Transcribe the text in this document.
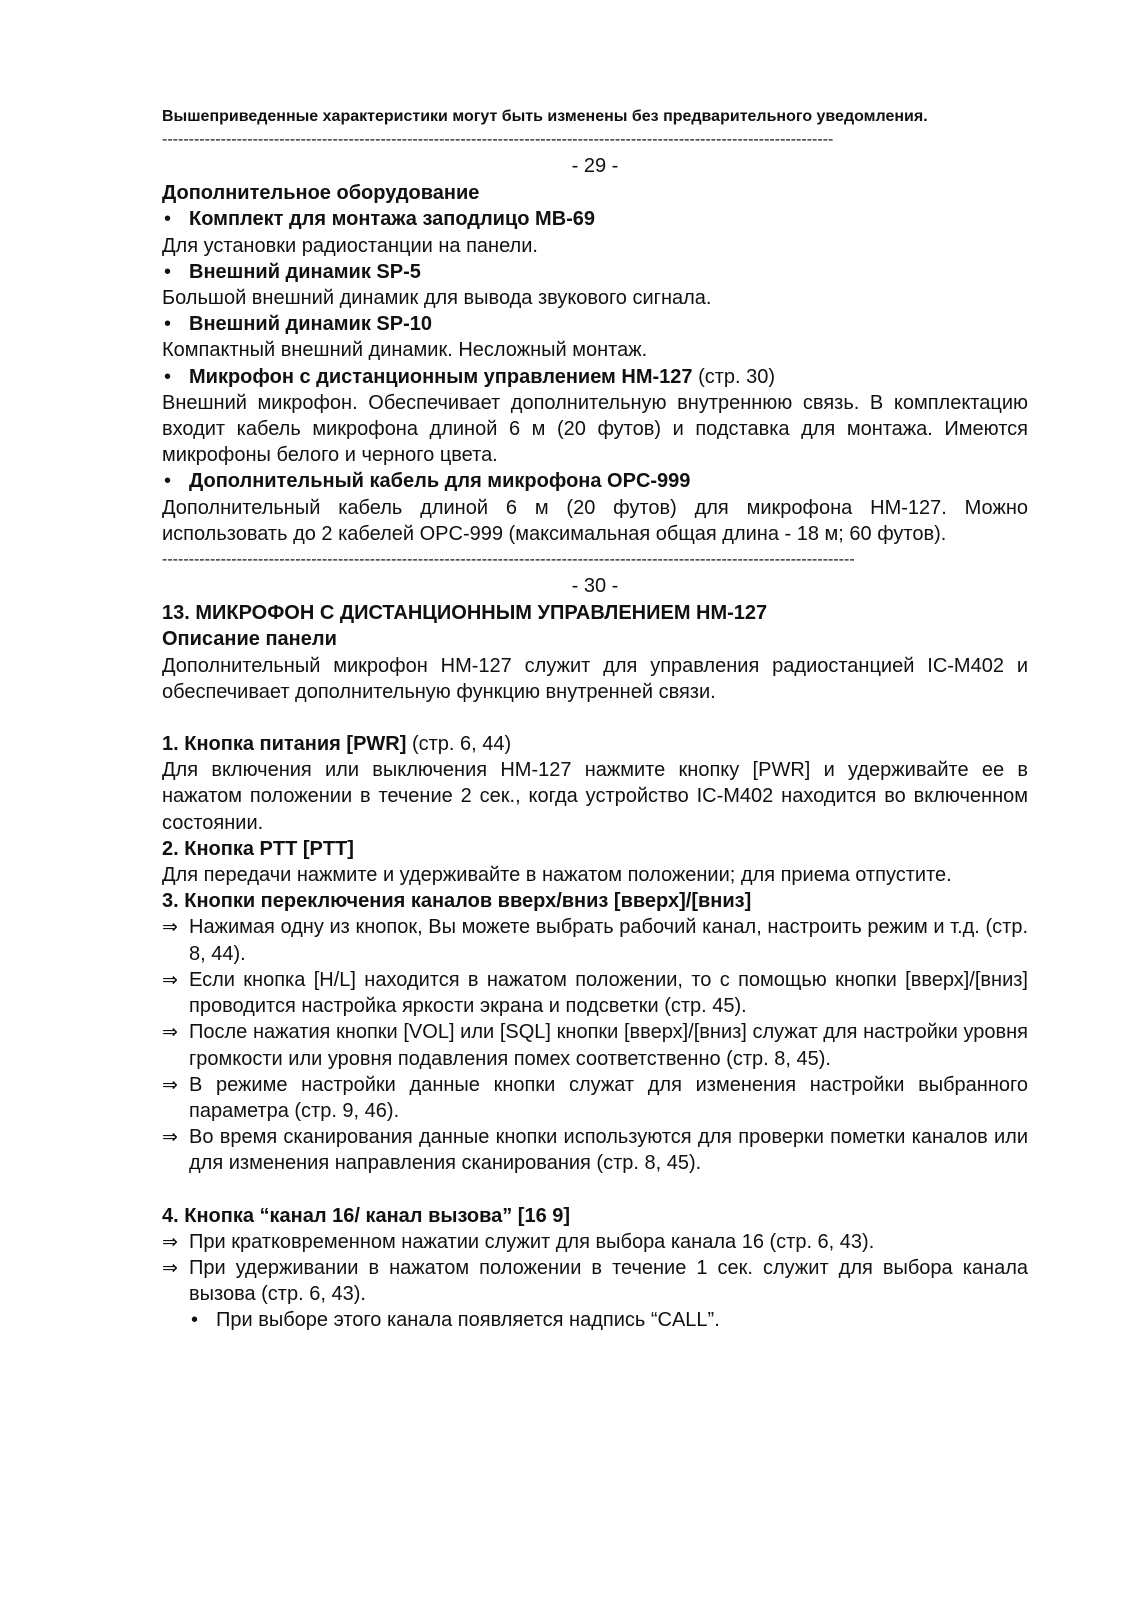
Вышеприведенные характеристики могут быть изменены без предварительного уведомления.
------------------------------------------------------------------------------------------------------------------------------
- 29 -
Дополнительное оборудование
• Комплект для монтажа заподлицо MB-69
Для установки радиостанции на панели.
• Внешний динамик SP-5
Большой внешний динамик для вывода звукового сигнала.
• Внешний динамик SP-10
Компактный внешний динамик. Несложный монтаж.
• Микрофон с дистанционным управлением HM-127 (стр. 30)
Внешний микрофон. Обеспечивает дополнительную внутреннюю связь. В комплектацию входит кабель микрофона длиной 6 м (20 футов) и подставка для монтажа. Имеются микрофоны белого и черного цвета.
• Дополнительный кабель для микрофона OPC-999
Дополнительный кабель длиной 6 м (20 футов) для микрофона HM-127. Можно использовать до 2 кабелей OPC-999 (максимальная общая длина - 18 м; 60 футов).
----------------------------------------------------------------------------------------------------------------------------------
- 30 -
13. МИКРОФОН С ДИСТАНЦИОННЫМ УПРАВЛЕНИЕМ HM-127
Описание панели
Дополнительный микрофон HM-127 служит для управления радиостанцией IC-M402 и обеспечивает дополнительную функцию внутренней связи.
1. Кнопка питания [PWR] (стр. 6, 44)
Для включения или выключения HM-127 нажмите кнопку [PWR] и удерживайте ее в нажатом положении в течение 2 сек., когда устройство IC-M402 находится во включенном состоянии.
2. Кнопка PTT [PTT]
Для передачи нажмите и удерживайте в нажатом положении; для приема отпустите.
3. Кнопки переключения каналов вверх/вниз [вверх]/[вниз]
⇒ Нажимая одну из кнопок, Вы можете выбрать рабочий канал, настроить режим и т.д. (стр. 8, 44).
⇒ Если кнопка [H/L] находится в нажатом положении, то с помощью кнопки [вверх]/[вниз] проводится настройка яркости экрана и подсветки (стр. 45).
⇒ После нажатия кнопки [VOL] или [SQL] кнопки [вверх]/[вниз] служат для настройки уровня громкости или уровня подавления помех соответственно (стр. 8, 45).
⇒ В режиме настройки данные кнопки служат для изменения настройки выбранного параметра (стр. 9, 46).
⇒ Во время сканирования данные кнопки используются для проверки пометки каналов или для изменения направления сканирования (стр. 8, 45).
4. Кнопка “канал 16/ канал вызова” [16 9]
⇒ При кратковременном нажатии служит для выбора канала 16 (стр. 6, 43).
⇒ При удерживании в нажатом положении в течение 1 сек. служит для выбора канала вызова (стр. 6, 43).
• При выборе этого канала появляется надпись “CALL”.
